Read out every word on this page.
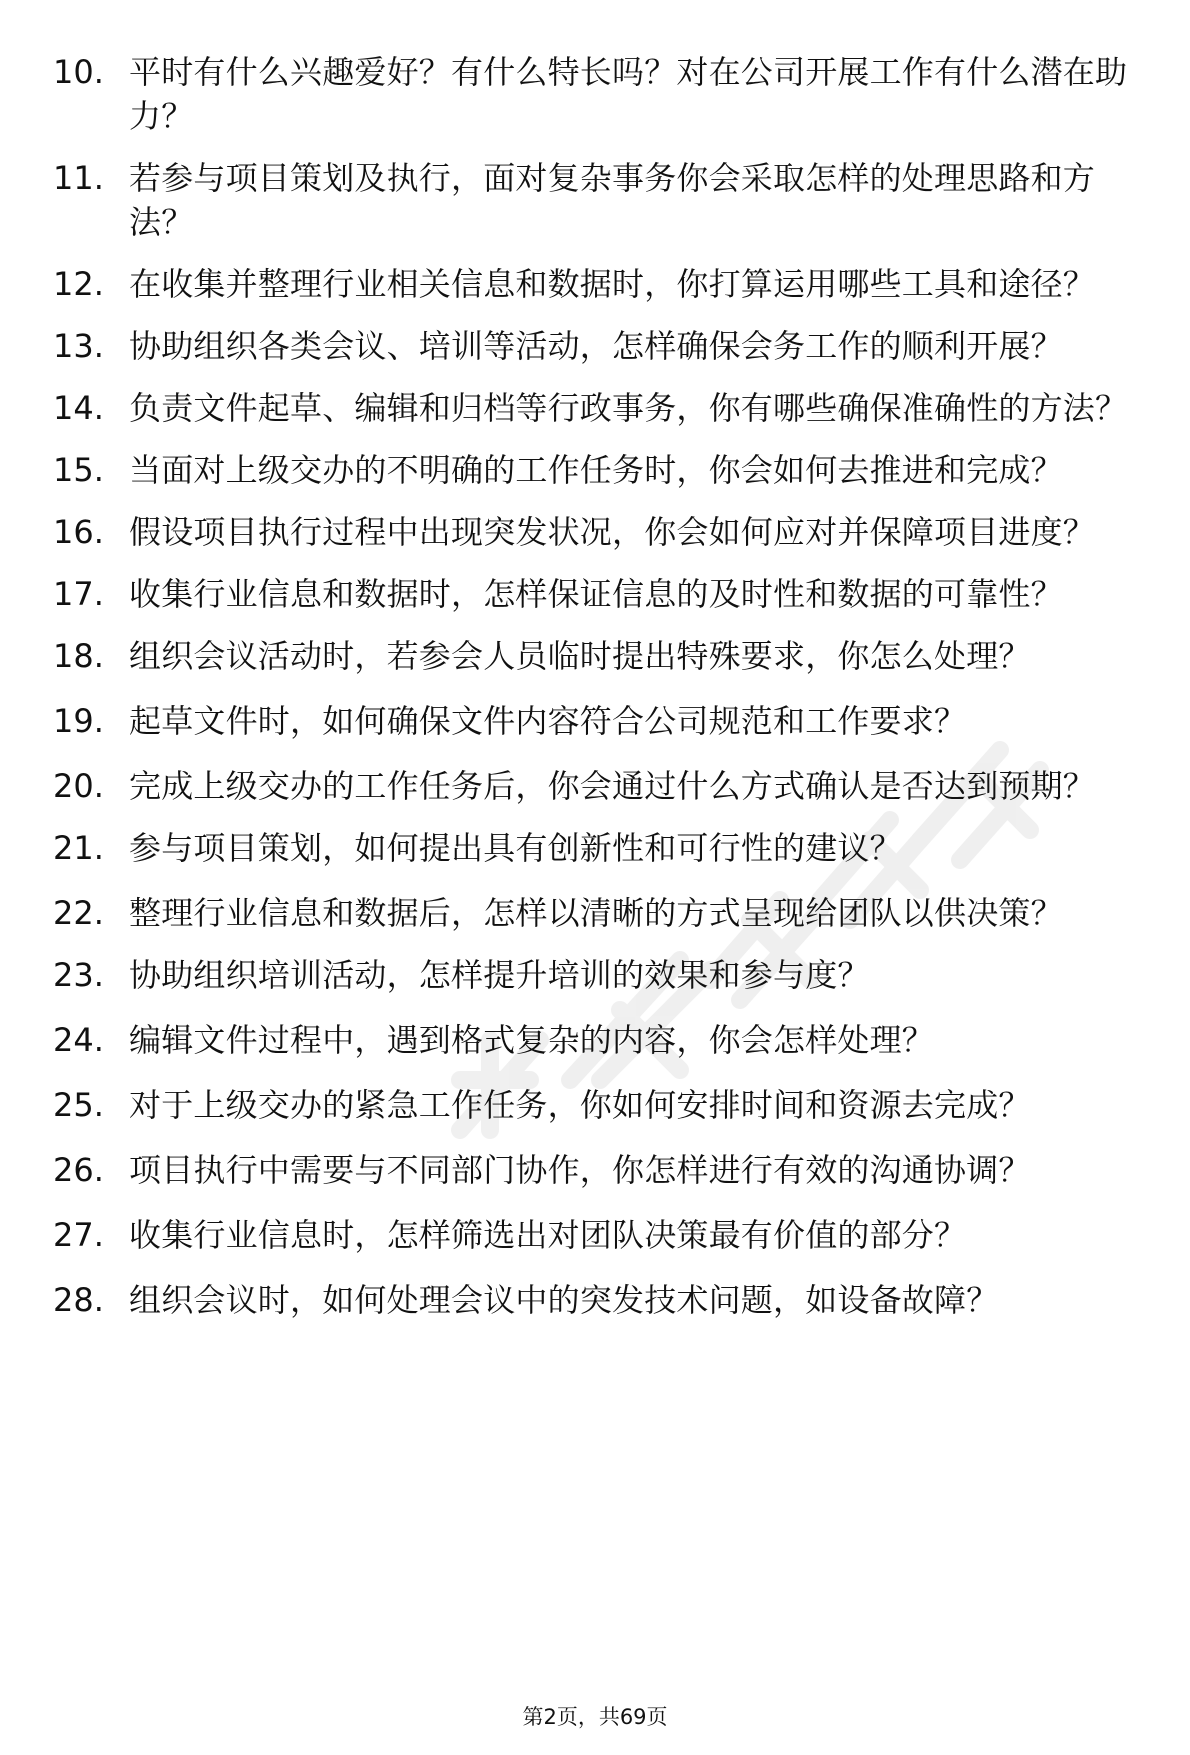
10. 平时有什么兴趣爱好？有什么特长吗？对在公司开展工作有什么潜在助力？
11. 若参与项目策划及执行，面对复杂事务你会采取怎样的处理思路和方法？
12. 在收集并整理行业相关信息和数据时，你打算运用哪些工具和途径？
13. 协助组织各类会议、培训等活动，怎样确保会务工作的顺利开展？
14. 负责文件起草、编辑和归档等行政事务，你有哪些确保准确性的方法？
15. 当面对上级交办的不明确的工作任务时，你会如何去推进和完成？
16. 假设项目执行过程中出现突发状况，你会如何应对并保障项目进度？
17. 收集行业信息和数据时，怎样保证信息的及时性和数据的可靠性？
18. 组织会议活动时，若参会人员临时提出特殊要求，你怎么处理？
19. 起草文件时，如何确保文件内容符合公司规范和工作要求？
20. 完成上级交办的工作任务后，你会通过什么方式确认是否达到预期？
21. 参与项目策划，如何提出具有创新性和可行性的建议？
22. 整理行业信息和数据后，怎样以清晰的方式呈现给团队以供决策？
23. 协助组织培训活动，怎样提升培训的效果和参与度？
24. 编辑文件过程中，遇到格式复杂的内容，你会怎样处理？
25. 对于上级交办的紧急工作任务，你如何安排时间和资源去完成？
26. 项目执行中需要与不同部门协作，你怎样进行有效的沟通协调？
27. 收集行业信息时，怎样筛选出对团队决策最有价值的部分？
28. 组织会议时，如何处理会议中的突发技术问题，如设备故障？
第2页，共69页
